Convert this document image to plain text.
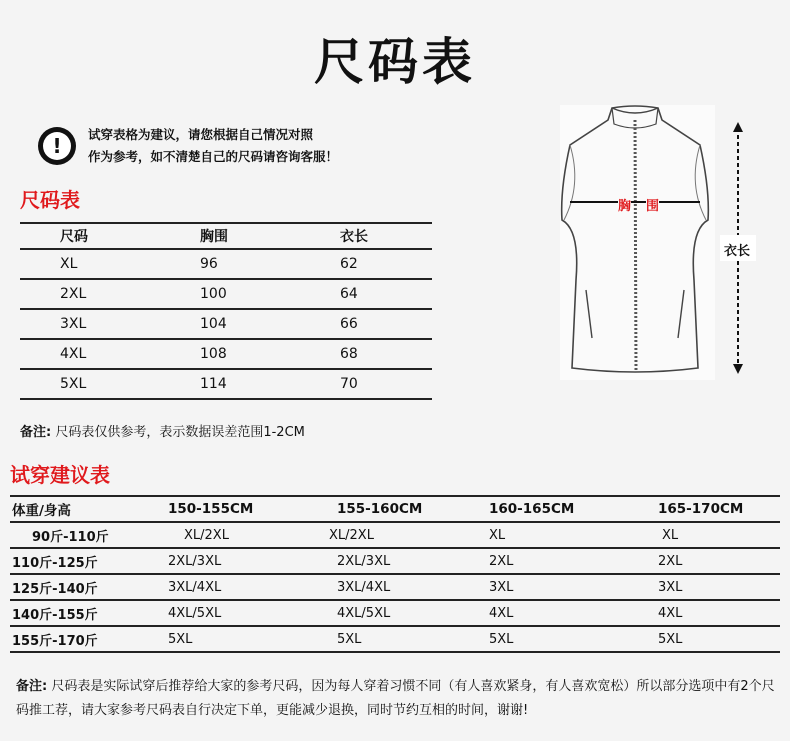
尺码表
!	试穿表格为建议，请您根据自己情况对照
作为参考，如不清楚自己的尺码请咨询客服！
尺码表
尺码	胸围	衣长
XL	96	62
2XL	100	64
3XL	104	66
4XL	108	68
5XL	114	70
备注: 尺码表仅供参考，表示数据误差范围1-2CM
胸 围
衣长
试穿建议表
体重/身高	150-155CM	155-160CM	160-165CM	165-170CM
90斤-110斤	XL/2XL	XL/2XL	XL	XL
110斤-125斤	2XL/3XL	2XL/3XL	2XL	2XL
125斤-140斤	3XL/4XL	3XL/4XL	3XL	3XL
140斤-155斤	4XL/5XL	4XL/5XL	4XL	4XL
155斤-170斤	5XL	5XL	5XL	5XL
备注: 尺码表是实际试穿后推荐给大家的参考尺码，因为每人穿着习惯不同（有人喜欢紧身，有人喜欢宽松）所以部分选项中有2个尺码推工荐，请大家参考尺码表自行决定下单，更能减少退换，同时节约互相的时间，谢谢!
